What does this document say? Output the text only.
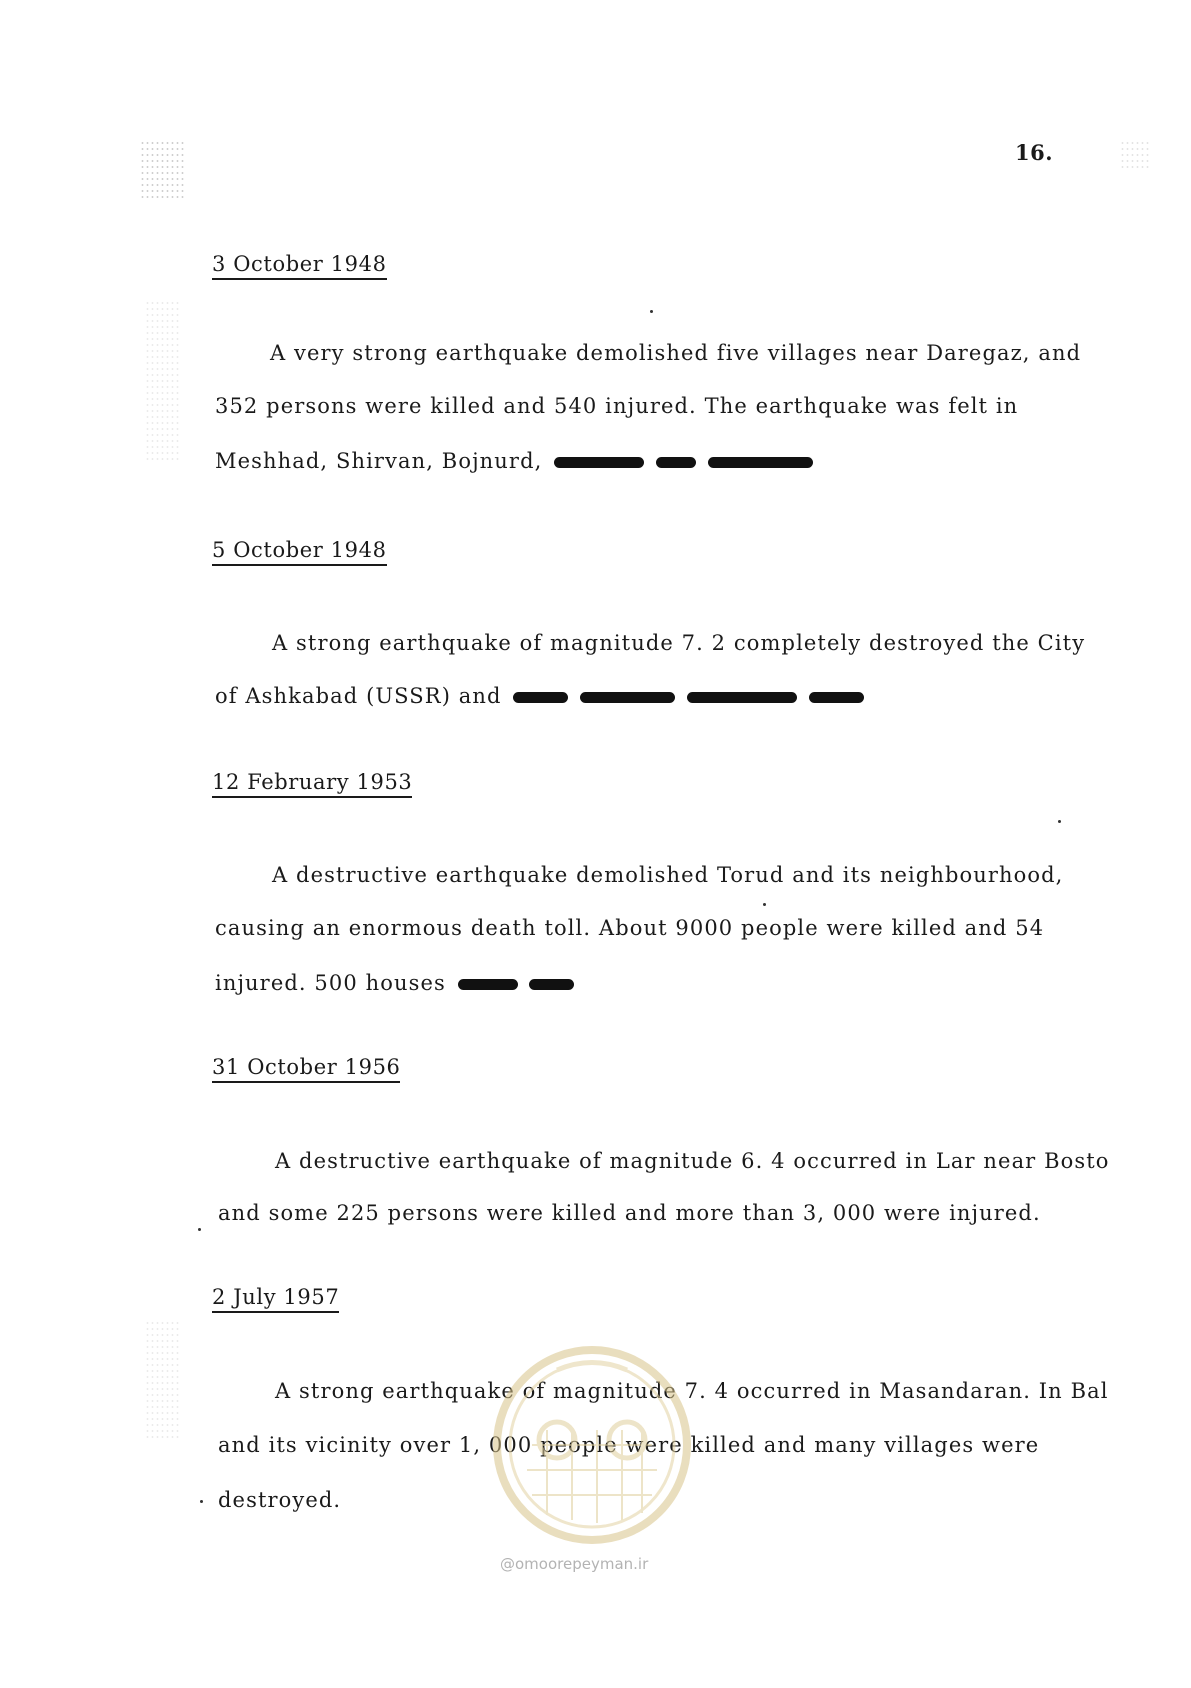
16.
3 October 1948
A very strong earthquake demolished five villages near Daregaz, and
352 persons were killed and 540 injured. The earthquake was felt in
Meshhad, Shirvan, Bojnurd,
5 October 1948
A strong earthquake of magnitude 7. 2 completely destroyed the City
of Ashkabad (USSR) and
12 February 1953
A destructive earthquake demolished Torud and its neighbourhood,
causing an enormous death toll. About 9000 people were killed and 54
injured. 500 houses
31 October 1956
A destructive earthquake of magnitude 6. 4 occurred in Lar near Bosto
and some 225 persons were killed and more than 3, 000 were injured.
2 July 1957
A strong earthquake of magnitude 7. 4 occurred in Masandaran. In Bal
and its vicinity over 1, 000 people were killed and many villages were
destroyed.
@omoorepeyman.ir
